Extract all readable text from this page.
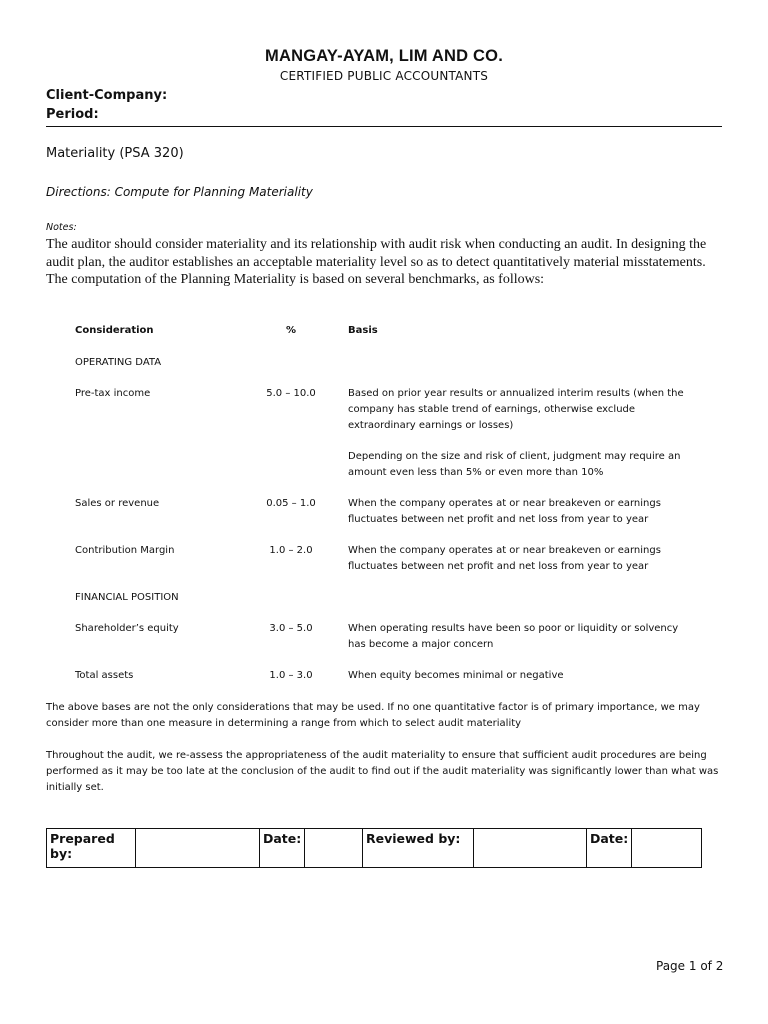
MANGAY-AYAM, LIM AND CO.
CERTIFIED PUBLIC ACCOUNTANTS
Client-Company:
Period:
Materiality (PSA 320)
Directions: Compute for Planning Materiality
Notes:
The auditor should consider materiality and its relationship with audit risk when conducting an audit. In designing the audit plan, the auditor establishes an acceptable materiality level so as to detect quantitatively material misstatements. The computation of the Planning Materiality is based on several benchmarks, as follows:
Consideration	%	Basis
OPERATING DATA
Pre-tax income	5.0 – 10.0	Based on prior year results or annualized interim results (when the company has stable trend of earnings, otherwise exclude extraordinary earnings or losses)
Depending on the size and risk of client, judgment may require an amount even less than 5% or even more than 10%
Sales or revenue	0.05 – 1.0	When the company operates at or near breakeven or earnings fluctuates between net profit and net loss from year to year
Contribution Margin	1.0 – 2.0	When the company operates at or near breakeven or earnings fluctuates between net profit and net loss from year to year
FINANCIAL POSITION
Shareholder’s equity	3.0 – 5.0	When operating results have been so poor or liquidity or solvency has become a major concern
Total assets	1.0 – 3.0	When equity becomes minimal or negative
The above bases are not the only considerations that may be used. If no one quantitative factor is of primary importance, we may consider more than one measure in determining a range from which to select audit materiality
Throughout the audit, we re-assess the appropriateness of the audit materiality to ensure that sufficient audit procedures are being performed as it may be too late at the conclusion of the audit to find out if the audit materiality was significantly lower than what was initially set.
Prepared by:		Date:		Reviewed by:		Date:	
Page 1 of 2
